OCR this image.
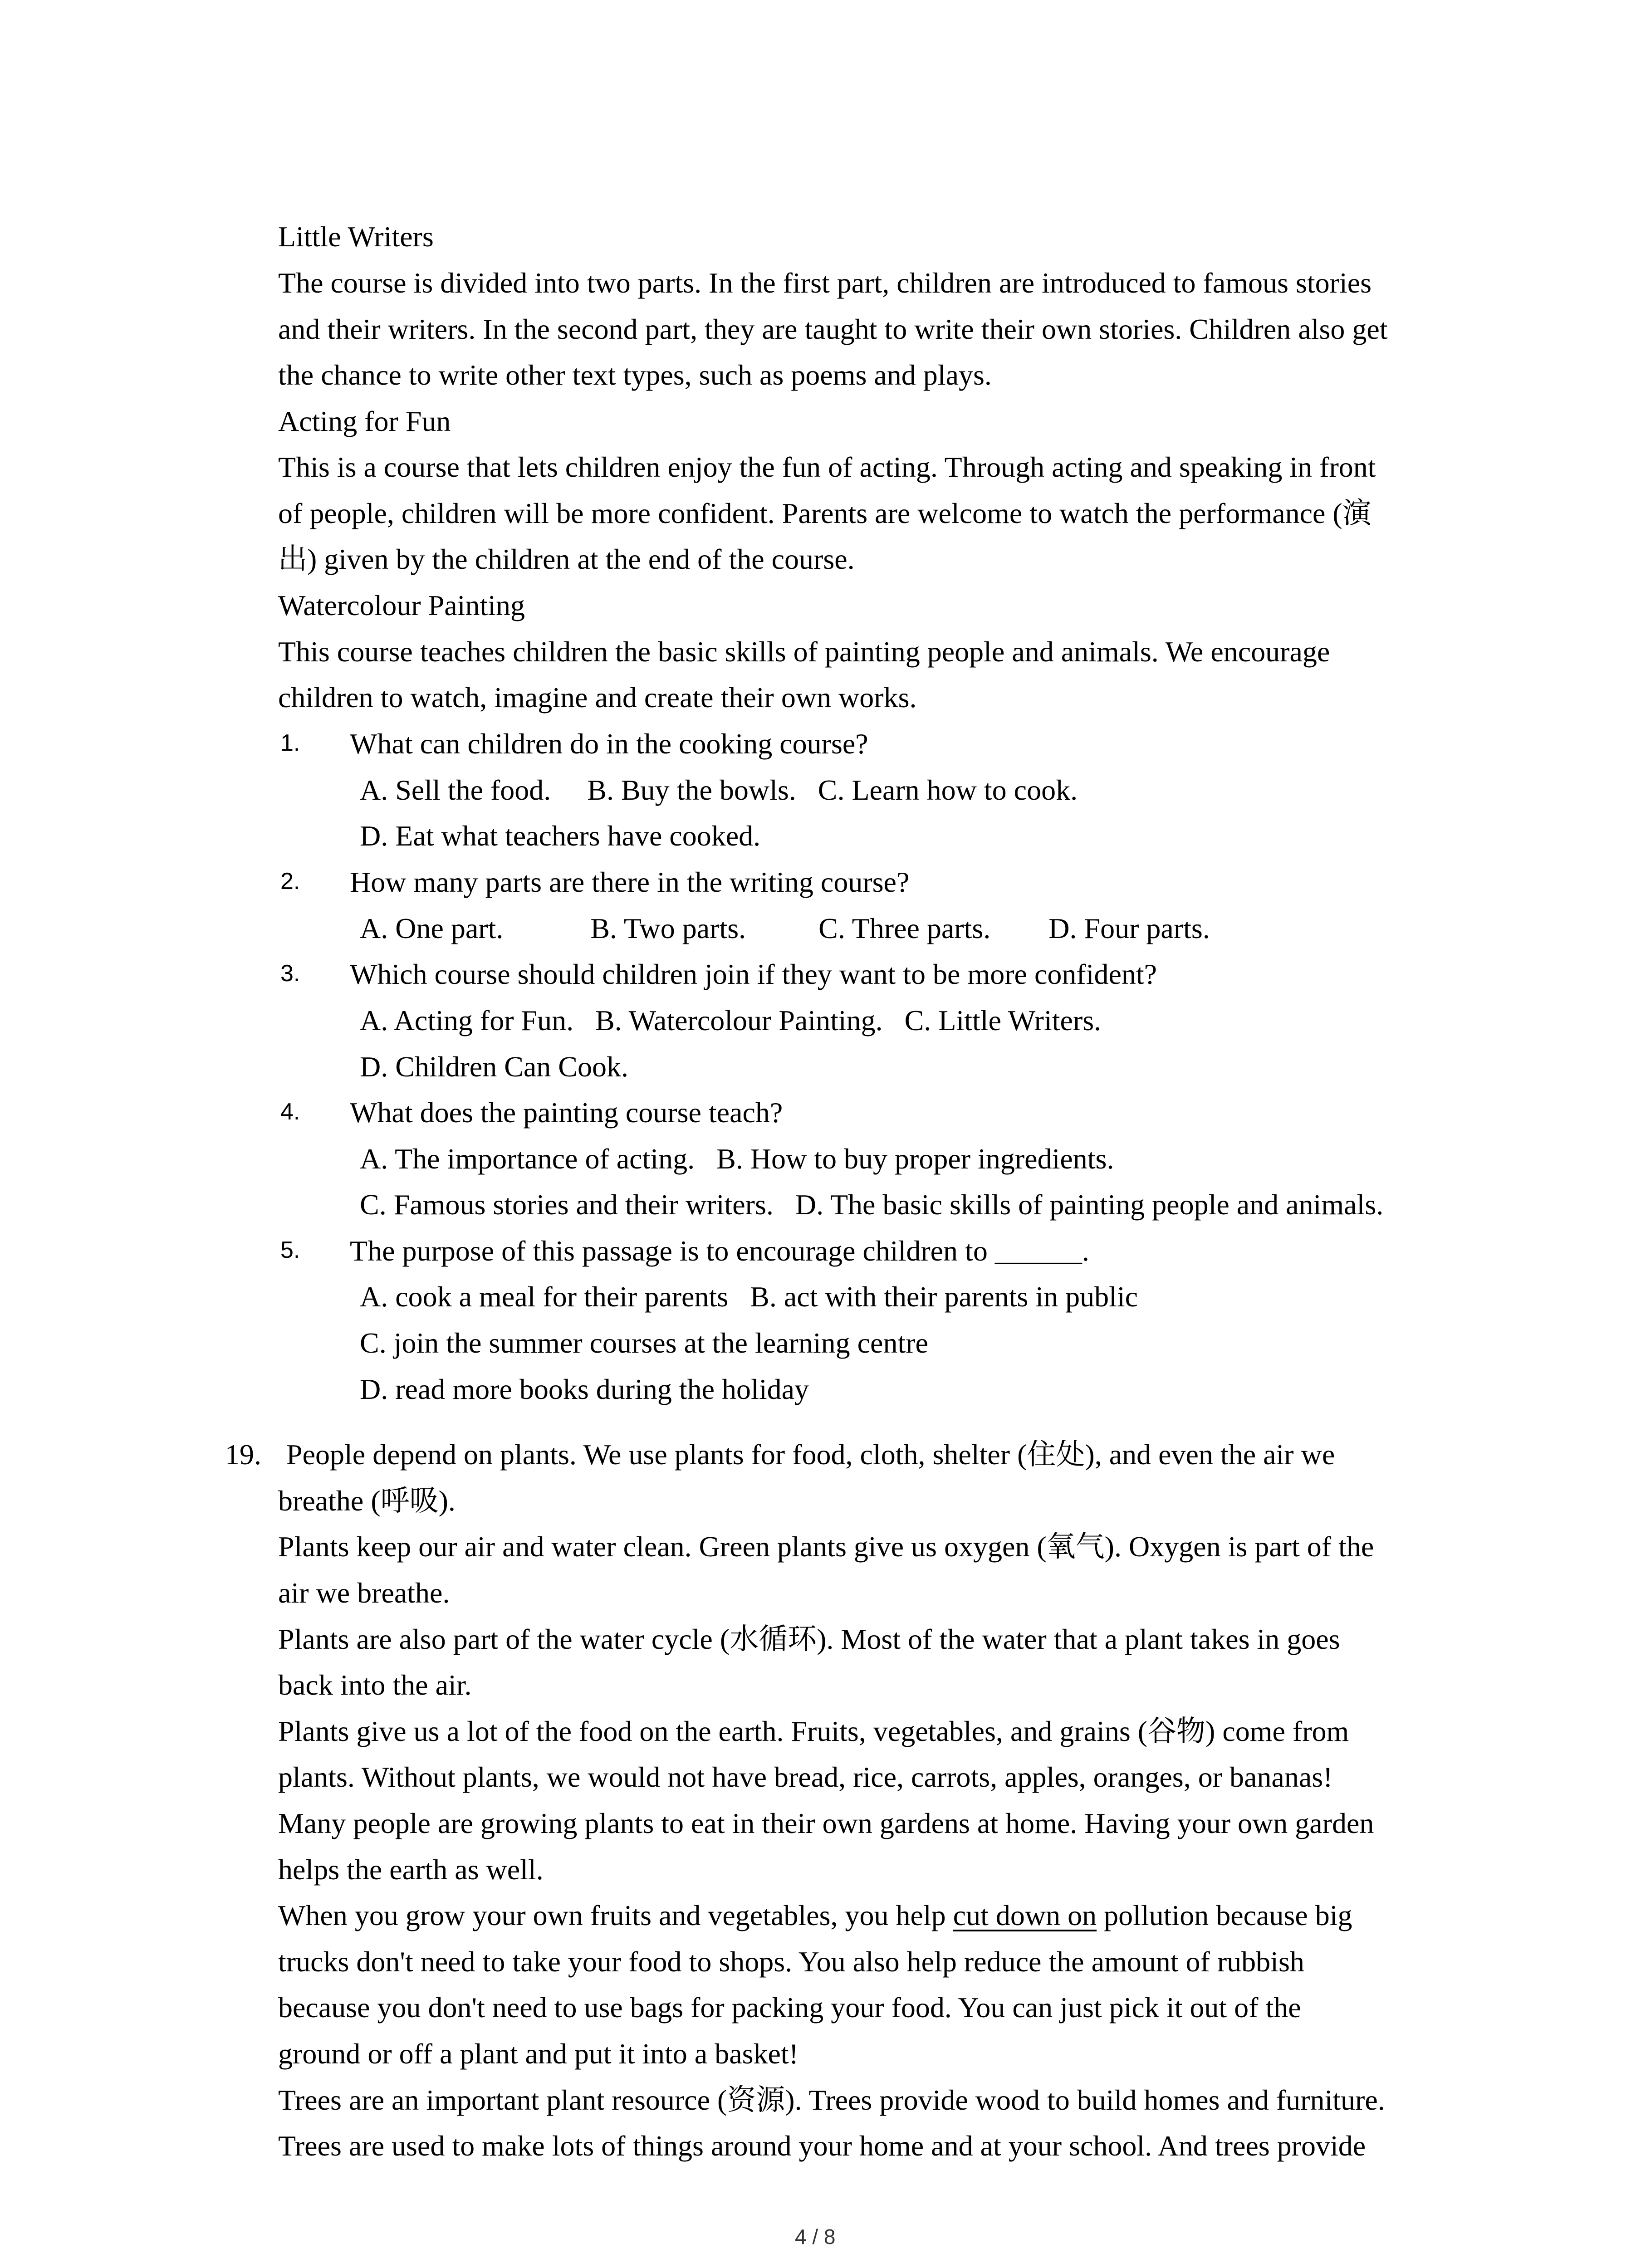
Little Writers
The course is divided into two parts. In the first part, children are introduced to famous stories
and their writers. In the second part, they are taught to write their own stories. Children also get
the chance to write other text types, such as poems and plays.
Acting for Fun
This is a course that lets children enjoy the fun of acting. Through acting and speaking in front
of people, children will be more confident. Parents are welcome to watch the performance (演
出) given by the children at the end of the course.
Watercolour Painting
This course teaches children the basic skills of painting people and animals. We encourage
children to watch, imagine and create their own works.
1. What can children do in the cooking course?
A. Sell the food.     B. Buy the bowls.   C. Learn how to cook.
D. Eat what teachers have cooked.
2. How many parts are there in the writing course?
A. One part.            B. Two parts.          C. Three parts.        D. Four parts.
3. Which course should children join if they want to be more confident?
A. Acting for Fun.   B. Watercolour Painting.   C. Little Writers.
D. Children Can Cook.
4. What does the painting course teach?
A. The importance of acting.   B. How to buy proper ingredients.
C. Famous stories and their writers.   D. The basic skills of painting people and animals.
5. The purpose of this passage is to encourage children to ______.
A. cook a meal for their parents   B. act with their parents in public
C. join the summer courses at the learning centre
D. read more books during the holiday
19. People depend on plants. We use plants for food, cloth, shelter (住处), and even the air we
breathe (呼吸).
Plants keep our air and water clean. Green plants give us oxygen (氧气). Oxygen is part of the
air we breathe.
Plants are also part of the water cycle (水循环). Most of the water that a plant takes in goes
back into the air.
Plants give us a lot of the food on the earth. Fruits, vegetables, and grains (谷物) come from
plants. Without plants, we would not have bread, rice, carrots, apples, oranges, or bananas!
Many people are growing plants to eat in their own gardens at home. Having your own garden
helps the earth as well.
When you grow your own fruits and vegetables, you help cut down on pollution because big
trucks don't need to take your food to shops. You also help reduce the amount of rubbish
because you don't need to use bags for packing your food. You can just pick it out of the
ground or off a plant and put it into a basket!
Trees are an important plant resource (资源). Trees provide wood to build homes and furniture.
Trees are used to make lots of things around your home and at your school. And trees provide
4 / 8
